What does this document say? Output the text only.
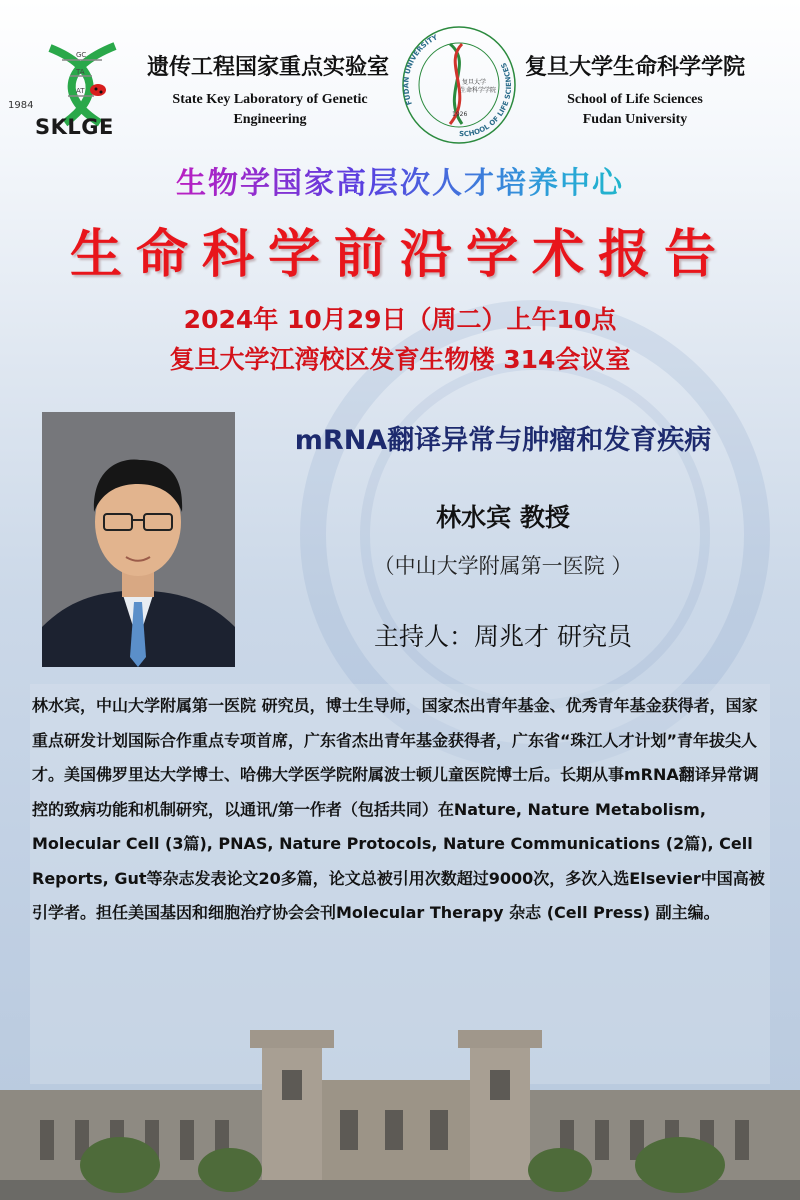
GC
TA
AT
1984
SKLGE
遗传工程国家重点实验室
State Key Laboratory of Genetic
Engineering
FUDAN UNIVERSITY
SCHOOL OF LIFE SCIENCES
复旦大学
生命科学学院
1926
复旦大学生命科学学院
School of Life Sciences
Fudan University
生物学国家高层次人才培养中心
生命科学前沿学术报告
2024年 10月29日（周二）上午10点
复旦大学江湾校区发育生物楼 314会议室
mRNA翻译异常与肿瘤和发育疾病
林水宾 教授
（中山大学附属第一医院 ）
主持人：周兆才 研究员
林水宾，中山大学附属第一医院 研究员，博士生导师，国家杰出青年基金、优秀青年基金获得者，国家重点研发计划国际合作重点专项首席，广东省杰出青年基金获得者，广东省“珠江人才计划”青年拔尖人才。美国佛罗里达大学博士、哈佛大学医学院附属波士顿儿童医院博士后。长期从事mRNA翻译异常调控的致病功能和机制研究，以通讯/第一作者（包括共同）在Nature, Nature Metabolism, Molecular Cell (3篇), PNAS, Nature Protocols, Nature Communications (2篇), Cell Reports, Gut等杂志发表论文20多篇，论文总被引用次数超过9000次，多次入选Elsevier中国高被引学者。担任美国基因和细胞治疗协会会刊Molecular Therapy 杂志 (Cell Press) 副主编。
